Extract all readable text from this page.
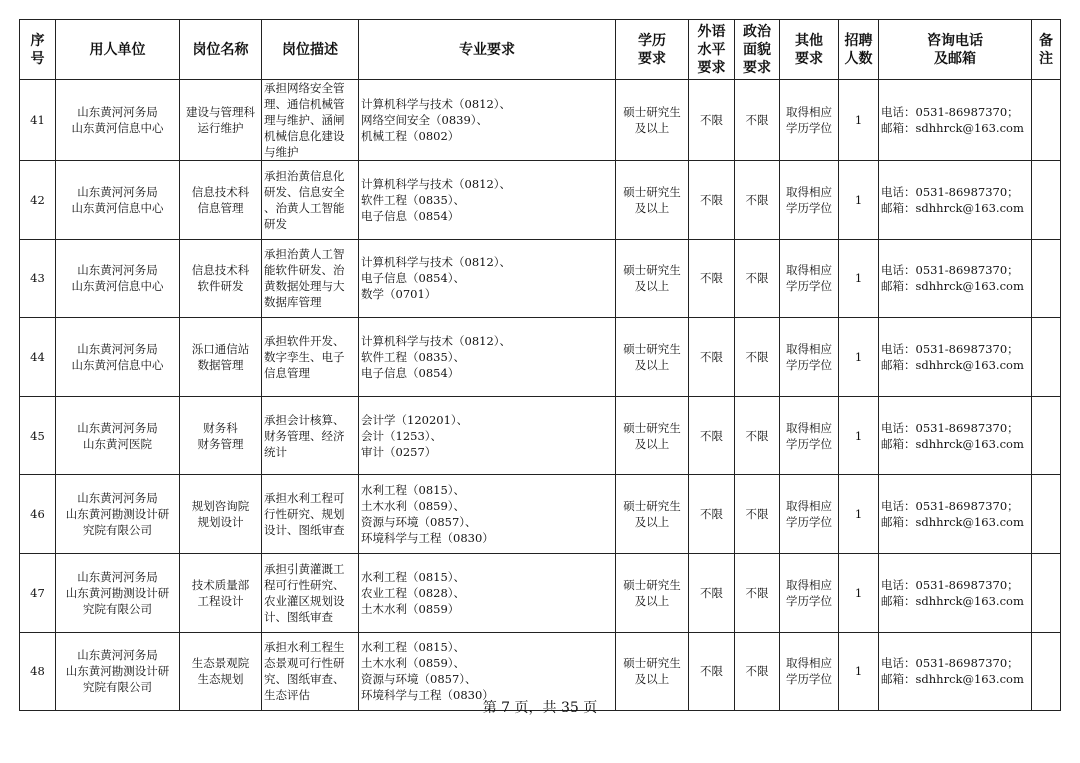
序
号	用人单位	岗位名称	岗位描述	专业要求	学历
要求	外语
水平
要求	政治
面貌
要求	其他
要求	招聘
人数	咨询电话
及邮箱	备
注
41	山东黄河河务局
山东黄河信息中心	建设与管理科
运行维护	承担网络安全管
理、通信机械管
理与维护、涵闸
机械信息化建设
与维护	计算机科学与技术（0812）、
网络空间安全（0839）、
机械工程（0802）	硕士研究生
及以上	不限	不限	取得相应
学历学位	1	电话：0531-86987370；
邮箱：sdhhrck@163.com	
42	山东黄河河务局
山东黄河信息中心	信息技术科
信息管理	承担治黄信息化
研发、信息安全
、治黄人工智能
研发	计算机科学与技术（0812）、
软件工程（0835）、
电子信息（0854）	硕士研究生
及以上	不限	不限	取得相应
学历学位	1	电话：0531-86987370；
邮箱：sdhhrck@163.com	
43	山东黄河河务局
山东黄河信息中心	信息技术科
软件研发	承担治黄人工智
能软件研发、治
黄数据处理与大
数据库管理	计算机科学与技术（0812）、
电子信息（0854）、
数学（0701）	硕士研究生
及以上	不限	不限	取得相应
学历学位	1	电话：0531-86987370；
邮箱：sdhhrck@163.com	
44	山东黄河河务局
山东黄河信息中心	泺口通信站
数据管理	承担软件开发、
数字孪生、电子
信息管理	计算机科学与技术（0812）、
软件工程（0835）、
电子信息（0854）	硕士研究生
及以上	不限	不限	取得相应
学历学位	1	电话：0531-86987370；
邮箱：sdhhrck@163.com	
45	山东黄河河务局
山东黄河医院	财务科
财务管理	承担会计核算、
财务管理、经济
统计	会计学（120201）、
会计（1253）、
审计（0257）	硕士研究生
及以上	不限	不限	取得相应
学历学位	1	电话：0531-86987370；
邮箱：sdhhrck@163.com	
46	山东黄河河务局
山东黄河勘测设计研
究院有限公司	规划咨询院
规划设计	承担水利工程可
行性研究、规划
设计、图纸审查	水利工程（0815）、
土木水利（0859）、
资源与环境（0857）、
环境科学与工程（0830）	硕士研究生
及以上	不限	不限	取得相应
学历学位	1	电话：0531-86987370；
邮箱：sdhhrck@163.com	
47	山东黄河河务局
山东黄河勘测设计研
究院有限公司	技术质量部
工程设计	承担引黄灌溉工
程可行性研究、
农业灌区规划设
计、图纸审查	水利工程（0815）、
农业工程（0828）、
土木水利（0859）	硕士研究生
及以上	不限	不限	取得相应
学历学位	1	电话：0531-86987370；
邮箱：sdhhrck@163.com	
48	山东黄河河务局
山东黄河勘测设计研
究院有限公司	生态景观院
生态规划	承担水利工程生
态景观可行性研
究、图纸审查、
生态评估	水利工程（0815）、
土木水利（0859）、
资源与环境（0857）、
环境科学与工程（0830）	硕士研究生
及以上	不限	不限	取得相应
学历学位	1	电话：0531-86987370；
邮箱：sdhhrck@163.com	
第 7 页，共 35 页
